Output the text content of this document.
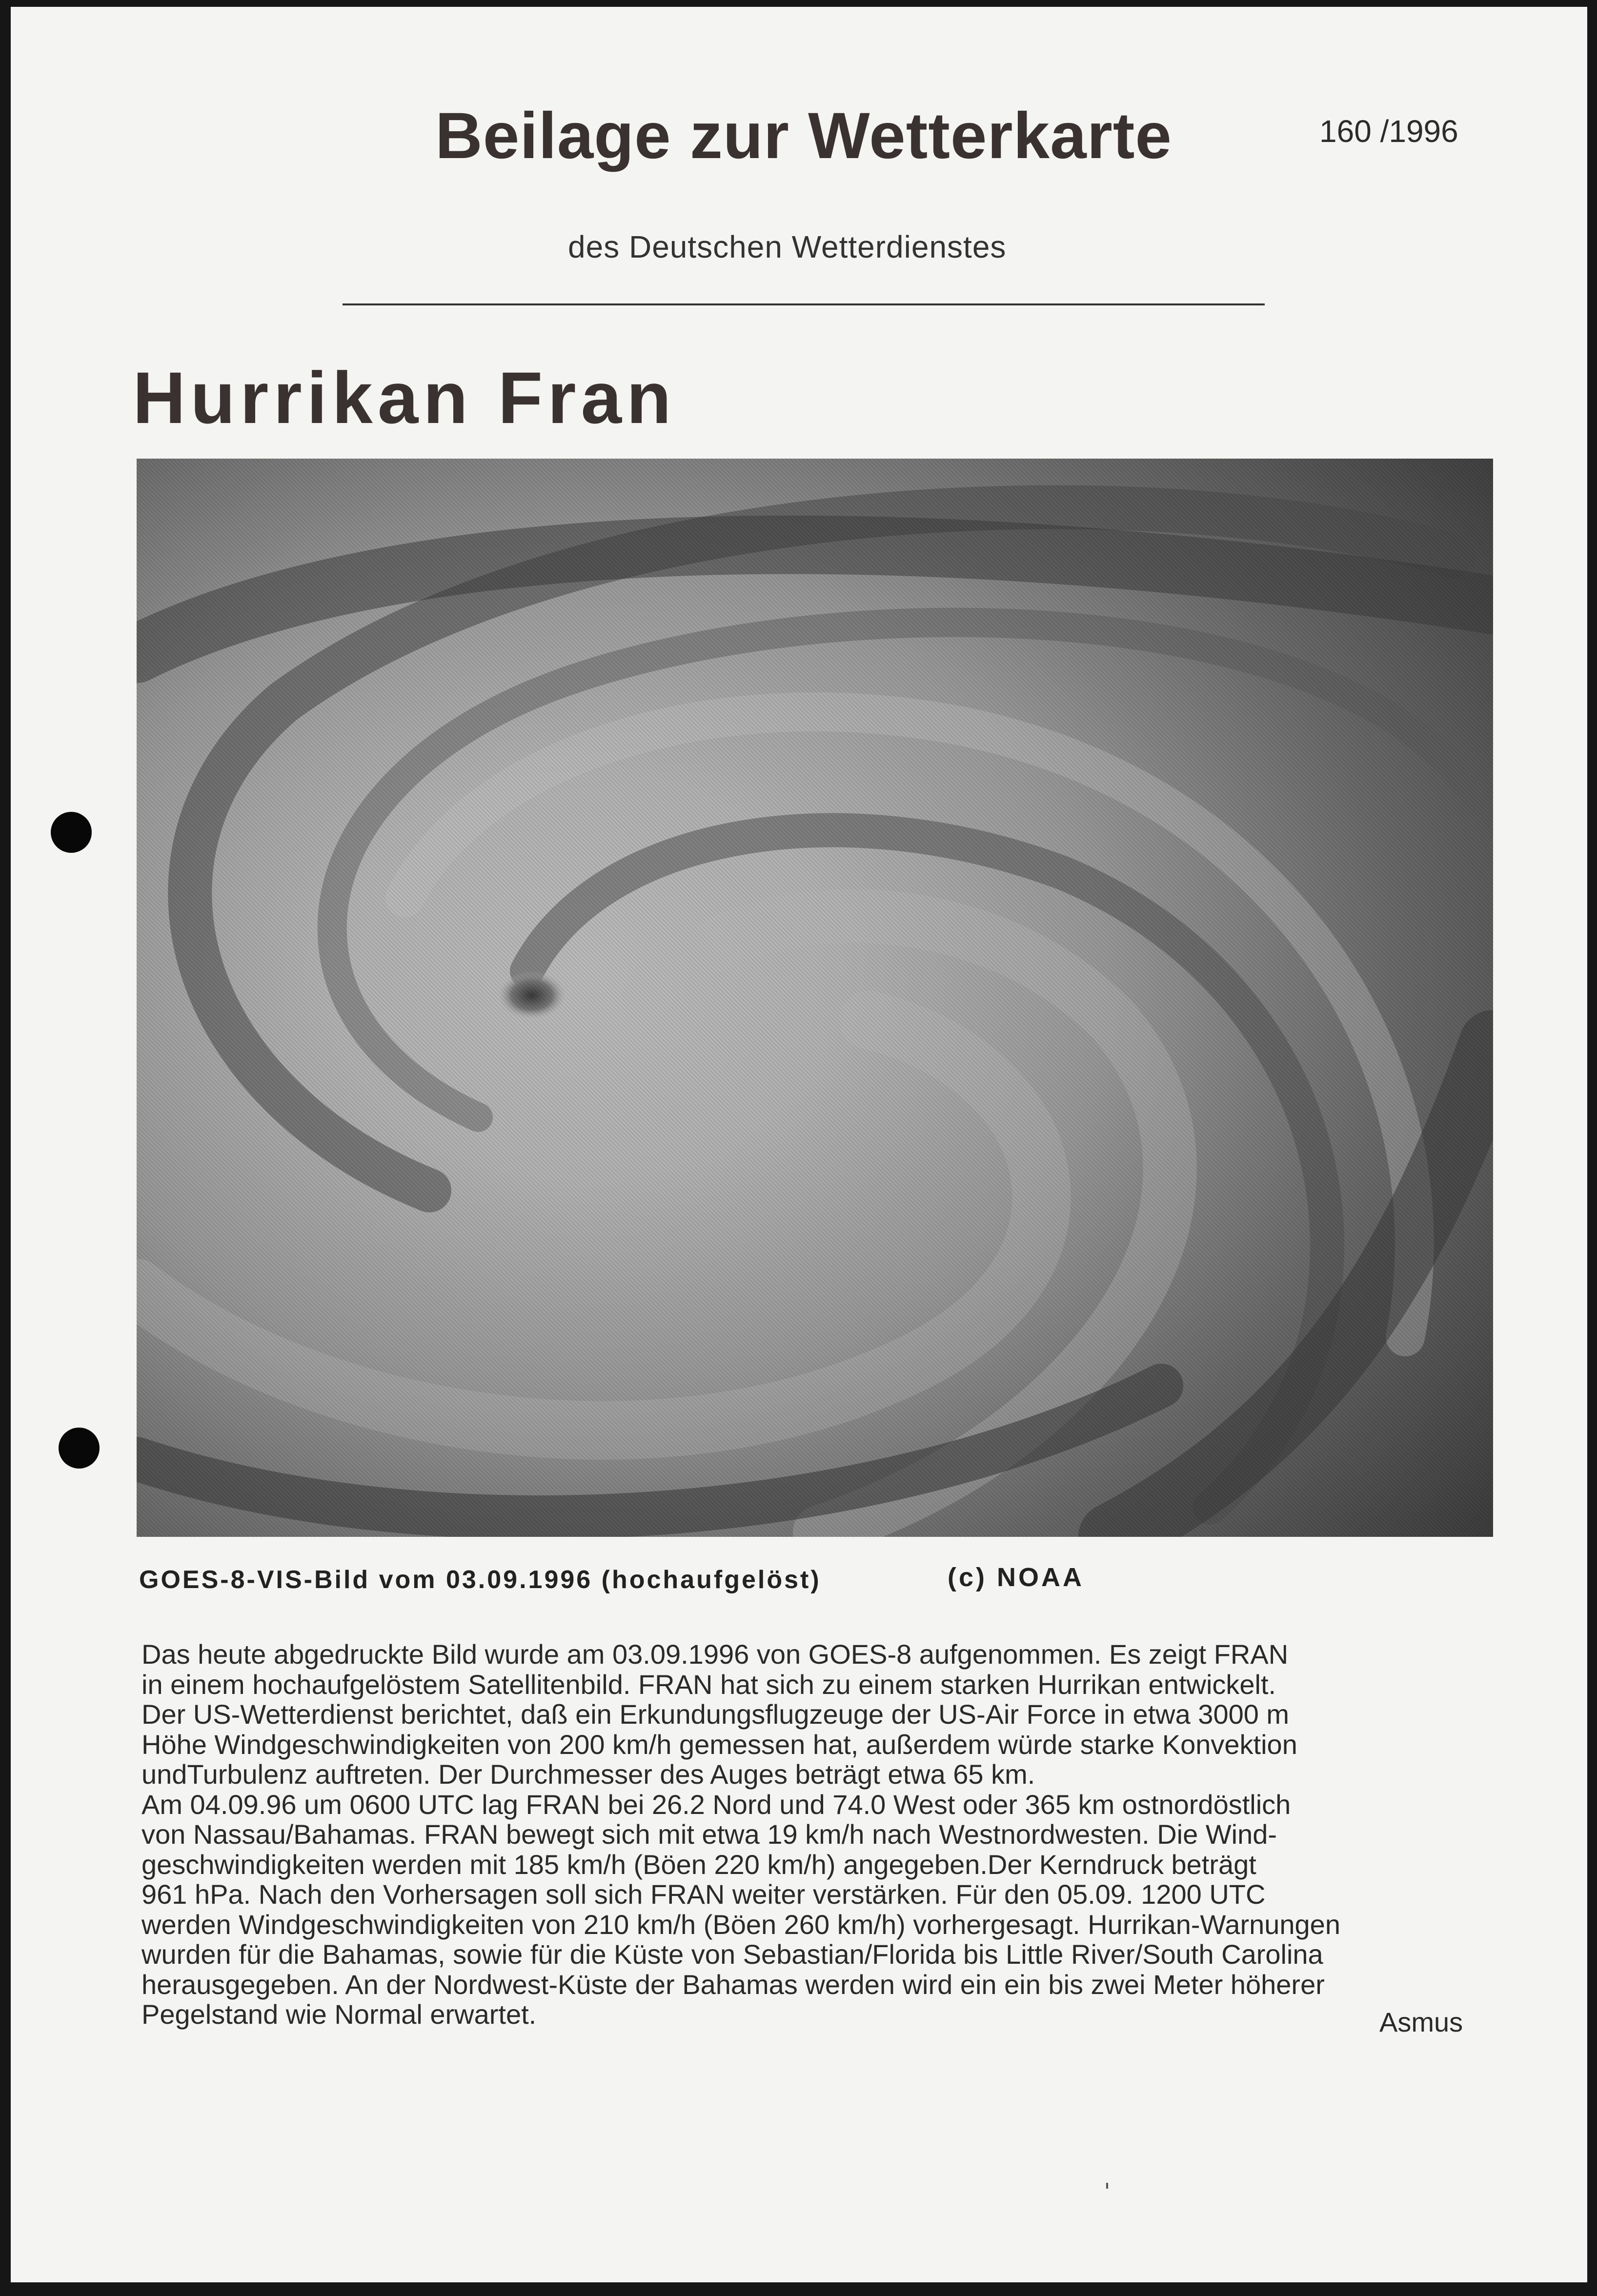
Beilage zur Wetterkarte	160 /1996
des Deutschen Wetterdienstes
Hurrikan Fran
GOES-8-VIS-Bild vom 03.09.1996 (hochaufgelöst)	(c) NOAA
Das heute abgedruckte Bild wurde am 03.09.1996 von GOES-8 aufgenommen. Es zeigt FRAN
in einem hochaufgelöstem Satellitenbild. FRAN hat sich zu einem starken Hurrikan entwickelt.
Der US-Wetterdienst berichtet, daß ein Erkundungsflugzeuge der US-Air Force in etwa 3000 m
Höhe Windgeschwindigkeiten von 200 km/h gemessen hat, außerdem würde starke Konvektion
undTurbulenz auftreten. Der Durchmesser des Auges beträgt etwa 65 km.
Am 04.09.96 um 0600 UTC lag FRAN bei 26.2 Nord und 74.0 West oder 365 km ostnordöstlich
von Nassau/Bahamas. FRAN bewegt sich mit etwa 19 km/h nach Westnordwesten. Die Wind-
geschwindigkeiten werden mit 185 km/h (Böen 220 km/h) angegeben.Der Kerndruck beträgt
961 hPa. Nach den Vorhersagen soll sich FRAN weiter verstärken. Für den 05.09. 1200 UTC
werden Windgeschwindigkeiten von 210 km/h (Böen 260 km/h) vorhergesagt. Hurrikan-Warnungen
wurden für die Bahamas, sowie für die Küste von Sebastian/Florida bis Little River/South Carolina
herausgegeben. An der Nordwest-Küste der Bahamas werden wird ein ein bis zwei Meter höherer
Pegelstand wie Normal erwartet.	Asmus
